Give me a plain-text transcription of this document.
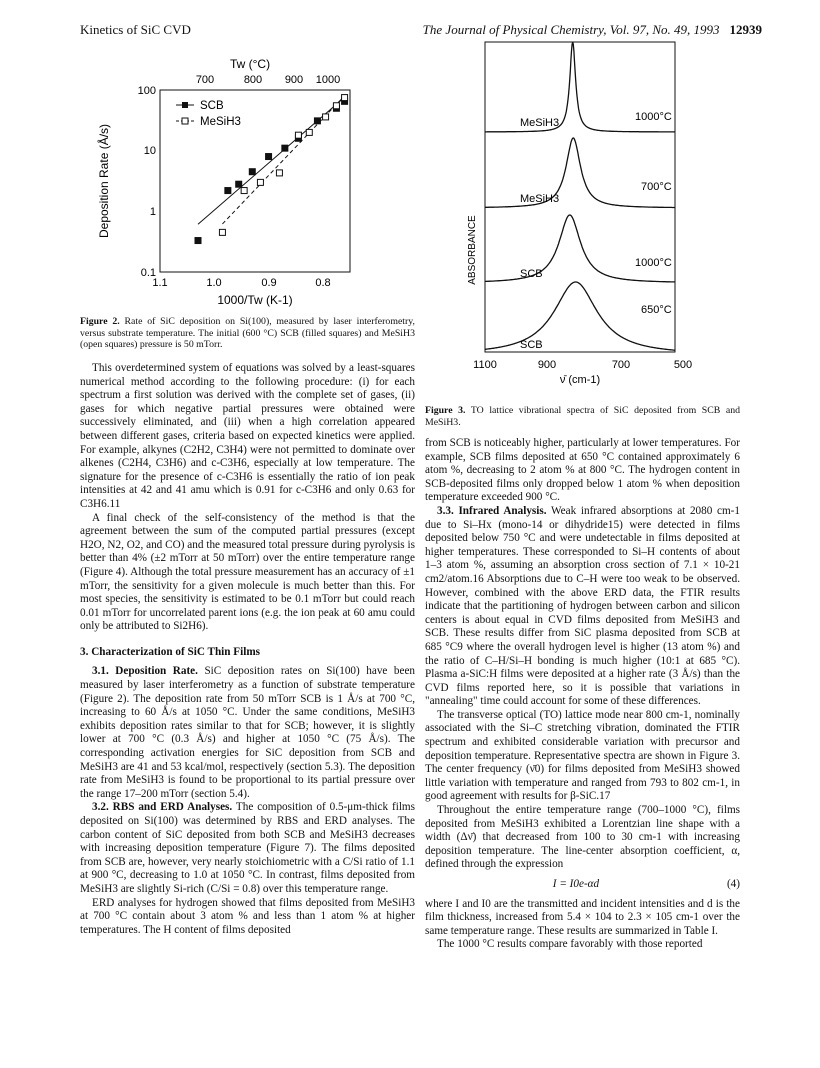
Kinetics of SiC CVD	The Journal of Physical Chemistry, Vol. 97, No. 49, 1993 12939
Tw (°C)
700	800 900 1000
100
10
1
0.1
1.1	1.0	0.9	0.8
1000/Tw (K-1)
Deposition Rate (Å/s)
SCB
MeSiH3
Figure 2. Rate of SiC deposition on Si(100), measured by laser interferometry, versus substrate temperature. The initial (600 °C) SCB (filled squares) and MeSiH3 (open squares) pressure is 50 mTorr.
ABSORBANCE
MeSiH3	1000°C
MeSiH3
700°C
SCB
1000°C
SCB
650°C
1100	900	700	500
ν̄ (cm-1)
Figure 3. TO lattice vibrational spectra of SiC deposited from SCB and MeSiH3.

This overdetermined system of equations was solved by a least-squares numerical method according to the following procedure: (i) for each spectrum a first solution was derived with the complete set of gases, (ii) gases for which negative partial pressures were obtained were successively eliminated, and (iii) when a high correlation appeared between different gases, criteria based on expected kinetics were applied. For example, alkynes (C2H2, C3H4) were not permitted to dominate over alkenes (C2H4, C3H6) and c-C3H6, especially at low temperature. The signature for the presence of c-C3H6 is essentially the ratio of ion peak intensities at 42 and 41 amu which is 0.91 for c-C3H6 and only 0.63 for C3H6.11

A final check of the self-consistency of the method is that the agreement between the sum of the computed partial pressures (except H2O, N2, O2, and CO) and the measured total pressure during pyrolysis is better than 4% (±2 mTorr at 50 mTorr) over the entire temperature range (Figure 4). Although the total pressure measurement has an accuracy of ±1 mTorr, the sensitivity for a given molecule is much better than this. For most species, the sensitivity is estimated to be 0.1 mTorr but could reach 0.01 mTorr for uncorrelated parent ions (e.g. the ion peak at 60 amu could only be attributed to Si2H6).

3. Characterization of SiC Thin Films

3.1. Deposition Rate. SiC deposition rates on Si(100) have been measured by laser interferometry as a function of substrate temperature (Figure 2). The deposition rate from 50 mTorr SCB is 1 Å/s at 700 °C, increasing to 60 Å/s at 1050 °C. Under the same conditions, MeSiH3 exhibits deposition rates similar to that for SCB; however, it is slightly lower at 700 °C (0.3 Å/s) and higher at 1050 °C (75 Å/s). The corresponding activation energies for SiC deposition from SCB and MeSiH3 are 41 and 53 kcal/mol, respectively (section 5.3). The deposition rate from MeSiH3 is found to be proportional to its partial pressure over the range 17–200 mTorr (section 5.4).

3.2. RBS and ERD Analyses. The composition of 0.5-μm-thick films deposited on Si(100) was determined by RBS and ERD analyses. The carbon content of SiC deposited from both SCB and MeSiH3 decreases with increasing deposition temperature (Figure 7). The films deposited from SCB are, however, very nearly stoichiometric with a C/Si ratio of 1.1 at 900 °C, decreasing to 1.0 at 1050 °C. In contrast, films deposited from MeSiH3 are slightly Si-rich (C/Si = 0.8) over this temperature range.

ERD analyses for hydrogen showed that films deposited from MeSiH3 at 700 °C contain about 3 atom % and less than 1 atom % at higher temperatures. The H content of films deposited

from SCB is noticeably higher, particularly at lower temperatures. For example, SCB films deposited at 650 °C contained approximately 6 atom %, decreasing to 2 atom % at 800 °C. The hydrogen content in SCB-deposited films only dropped below 1 atom % when deposition temperature exceeded 900 °C.

3.3. Infrared Analysis. Weak infrared absorptions at 2080 cm-1 due to Si–Hx (mono-14 or dihydride15) were detected in films deposited below 750 °C and were undetectable in films deposited at higher temperatures. These corresponded to Si–H contents of about 1–3 atom %, assuming an absorption cross section of 7.1 × 10-21 cm2/atom.16 Absorptions due to C–H were too weak to be observed. However, combined with the above ERD data, the FTIR results indicate that the partitioning of hydrogen between carbon and silicon centers is about equal in CVD films deposited from MeSiH3 and SCB. These results differ from SiC plasma deposited from SCB at 685 °C9 where the overall hydrogen level is higher (13 atom %) and the ratio of C–H/Si–H bonding is much higher (10:1 at 685 °C). Plasma a-SiC:H films were deposited at a higher rate (3 Å/s) than the CVD films reported here, so it is possible that variations in "annealing" time could account for some of these differences.

The transverse optical (TO) lattice mode near 800 cm-1, nominally associated with the Si–C stretching vibration, dominated the FTIR spectrum and exhibited considerable variation with precursor and deposition temperature. Representative spectra are shown in Figure 3. The center frequency (ν̄0) for films deposited from MeSiH3 showed little variation with temperature and ranged from 793 to 802 cm-1, in good agreement with results for β-SiC.17

Throughout the entire temperature range (700–1000 °C), films deposited from MeSiH3 exhibited a Lorentzian line shape with a width (Δν̄) that decreased from 100 to 30 cm-1 with increasing deposition temperature. The line-center absorption coefficient, α, defined through the expression

I = I0e-αd	(4)

where I and I0 are the transmitted and incident intensities and d is the film thickness, increased from 5.4 × 104 to 2.3 × 105 cm-1 over the same temperature range. These results are summarized in Table I.

The 1000 °C results compare favorably with those reported
